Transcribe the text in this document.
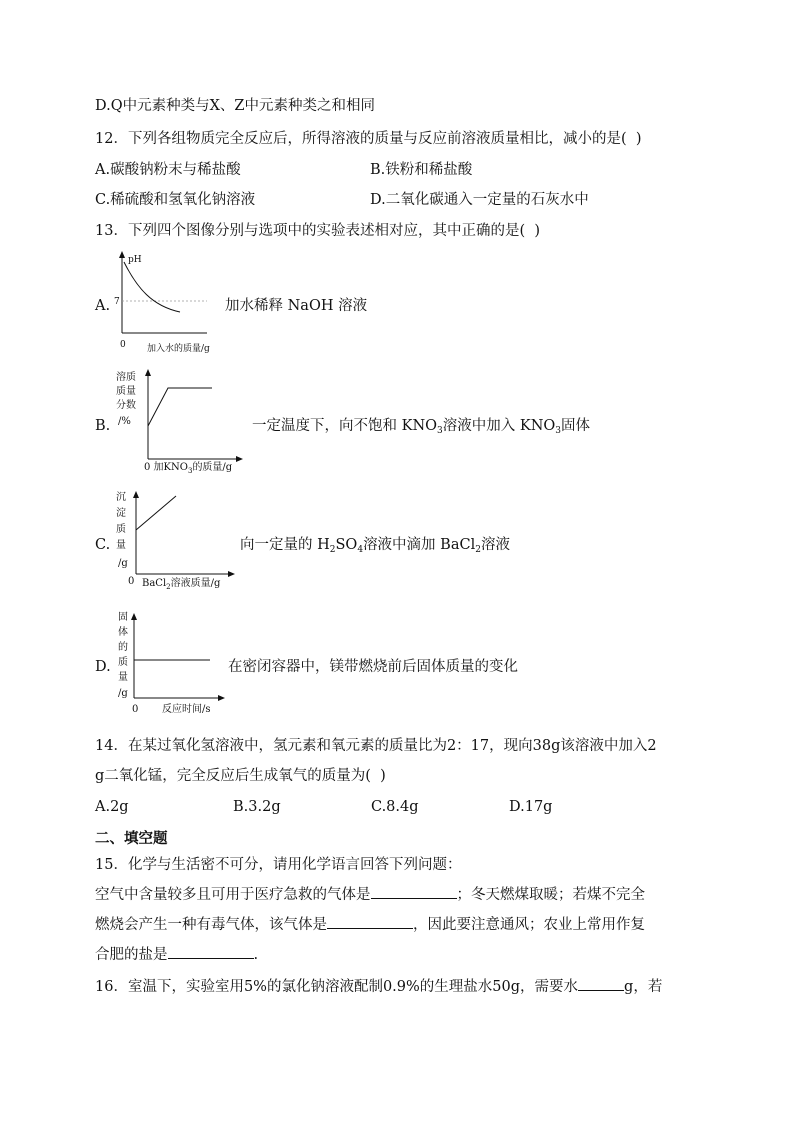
D.Q中元素种类与X、Z中元素种类之和相同
12．下列各组物质完全反应后，所得溶液的质量与反应前溶液质量相比，减小的是(  )
A.碳酸钠粉末与稀盐酸	B.铁粉和稀盐酸
C.稀硫酸和氢氧化钠溶液	D.二氧化碳通入一定量的石灰水中
13．下列四个图像分别与选项中的实验表述相对应，其中正确的是(  )
A.
pH
7
0 加入水的质量/g
加水稀释 NaOH 溶液
B.
溶质
质量
分数
/%
0 加$KNO_3$的质量/g
一定温度下，向不饱和 $KNO_3$溶液中加入 $KNO_3$固体
C.
沉
淀
质
量
/g
0 BaCl$_2$溶液质量/g
向一定量的 $H_2SO_4$溶液中滴加 BaCl$_2$溶液
D.
固
体
的
质
量
/g
0 反应时间/s
在密闭容器中，镁带燃烧前后固体质量的变化
14．在某过氧化氢溶液中，氢元素和氧元素的质量比为2：17，现向38g该溶液中加入2
g二氧化锰，完全反应后生成氧气的质量为(  )
A.2g	B.3.2g	C.8.4g	D.17g
二、填空题
15．化学与生活密不可分，请用化学语言回答下列问题：
空气中含量较多且可用于医疗急救的气体是	；冬天燃煤取暖；若煤不完全
燃烧会产生一种有毒气体，该气体是	，因此要注意通风；农业上常用作复
合肥的盐是	.
16．室温下，实验室用5%的氯化钠溶液配制0.9%的生理盐水50g，需要水	g，若
